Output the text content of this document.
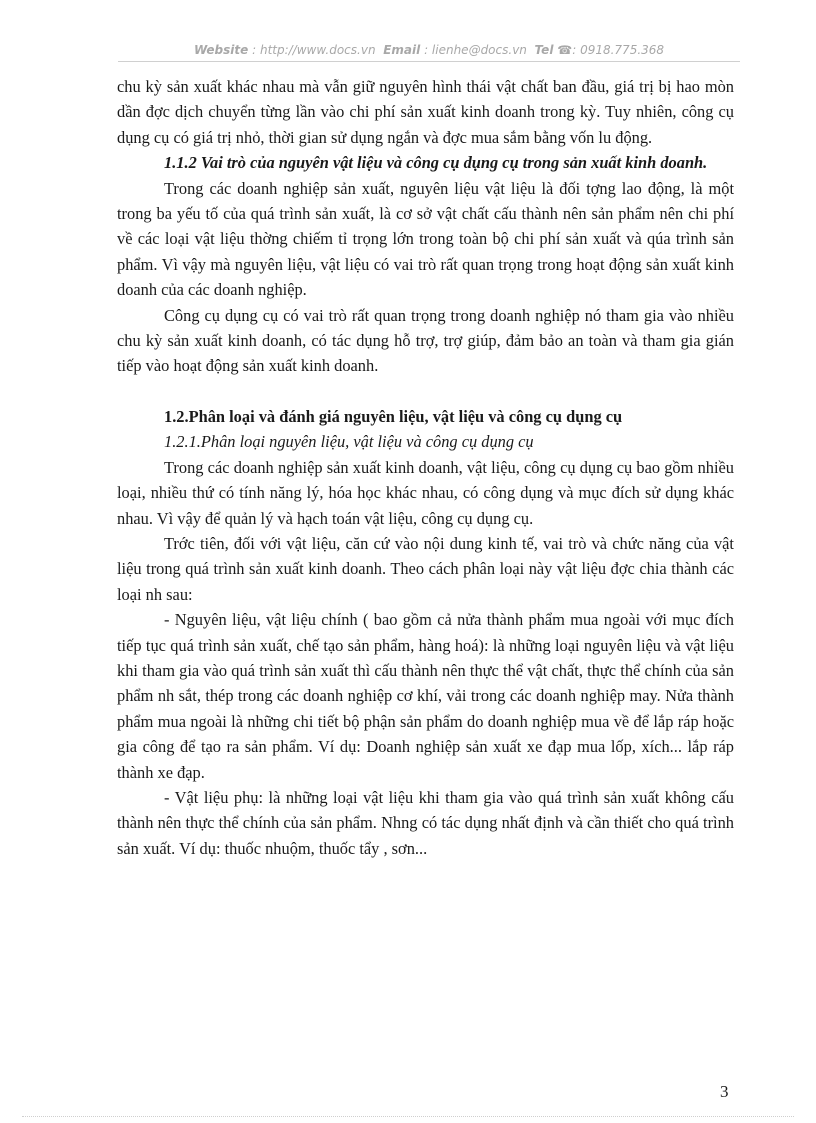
Website : http://www.docs.vn Email : lienhe@docs.vn Tel ☎: 0918.775.368

chu kỳ sản xuất khác nhau mà vẫn giữ nguyên hình thái vật chất ban đầu, giá trị bị hao mòn dần đợc dịch chuyển từng lần vào chi phí sản xuất kinh doanh trong kỳ. Tuy nhiên, công cụ dụng cụ có giá trị nhỏ, thời gian sử dụng ngắn và đợc mua sắm bằng vốn lu động.

1.1.2 Vai trò của nguyên vật liệu và công cụ dụng cụ trong sản xuất kinh doanh.

Trong các doanh nghiệp sản xuất, nguyên liệu vật liệu là đối tợng lao động, là một trong ba yếu tố của quá trình sản xuất, là cơ sở vật chất cấu thành nên sản phẩm nên chi phí về các loại vật liệu thờng chiếm tỉ trọng lớn trong toàn bộ chi phí sản xuất và qúa trình sản phẩm. Vì vậy mà nguyên liệu, vật liệu có vai trò rất quan trọng trong hoạt động sản xuất kinh doanh của các doanh nghiệp.

Công cụ dụng cụ có vai trò rất quan trọng trong doanh nghiệp nó tham gia vào nhiều chu kỳ sản xuất kinh doanh, có tác dụng hỗ trợ, trợ giúp, đảm bảo an toàn và tham gia gián tiếp vào hoạt động sản xuất kinh doanh.

1.2.Phân loại và đánh giá nguyên liệu, vật liệu và công cụ dụng cụ

1.2.1.Phân loại nguyên liệu, vật liệu và công cụ dụng cụ

Trong các doanh nghiệp sản xuất kinh doanh, vật liệu, công cụ dụng cụ bao gồm nhiều loại, nhiều thứ có tính năng lý, hóa học khác nhau, có công dụng và mục đích sử dụng khác nhau. Vì vậy để quản lý và hạch toán vật liệu, công cụ dụng cụ.

Trớc tiên, đối với vật liệu, căn cứ vào nội dung kinh tế, vai trò và chức năng của vật liệu trong quá trình sản xuất kinh doanh. Theo cách phân loại này vật liệu đợc chia thành các loại nh sau:

- Nguyên liệu, vật liệu chính ( bao gồm cả nửa thành phẩm mua ngoài với mục đích tiếp tục quá trình sản xuất, chế tạo sản phẩm, hàng hoá): là những loại nguyên liệu và vật liệu khi tham gia vào quá trình sản xuất thì cấu thành nên thực thể vật chất, thực thể chính của sản phẩm nh sắt, thép trong các doanh nghiệp cơ khí, vải trong các doanh nghiệp may. Nửa thành phẩm mua ngoài là những chi tiết bộ phận sản phẩm do doanh nghiệp mua về để lắp ráp hoặc gia công để tạo ra sản phẩm. Ví dụ: Doanh nghiệp sản xuất xe đạp mua lốp, xích... lắp ráp thành xe đạp.

- Vật liệu phụ: là những loại vật liệu khi tham gia vào quá trình sản xuất không cấu thành nên thực thể chính của sản phẩm. Nhng có tác dụng nhất định và cần thiết cho quá trình sản xuất. Ví dụ: thuốc nhuộm, thuốc tẩy , sơn...

3
